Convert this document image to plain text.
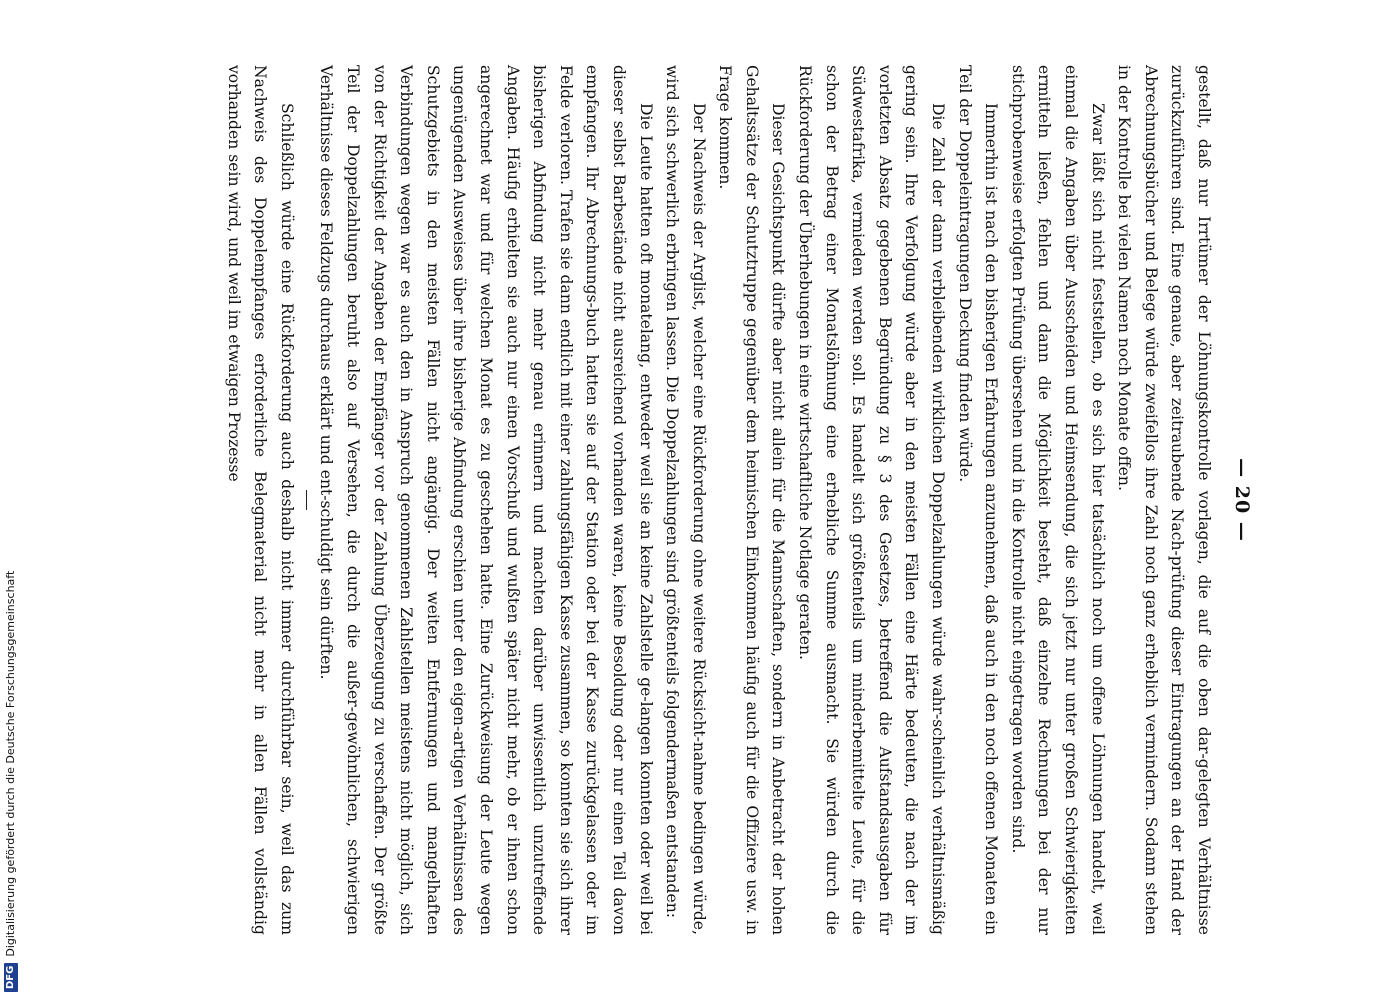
— 20 —

gestellt, daß nur Irrtümer der Löhnungskontrolle vorlagen, die auf die oben dar-gelegten Verhältnisse zurückzuführen sind. Eine genaue, aber zeitraubende Nach-prüfung dieser Eintragungen an der Hand der Abrechnungsbücher und Belege würde zweifellos ihre Zahl noch ganz erheblich vermindern. Sodann stehen in der Kontrolle bei vielen Namen noch Monate offen.

Zwar läßt sich nicht feststellen, ob es sich hier tatsächlich noch um offene Löhnungen handelt, weil einmal die Angaben über Ausscheiden und Heimsendung, die sich jetzt nur unter großen Schwierigkeiten ermitteln ließen, fehlen und dann die Möglichkeit besteht, daß einzelne Rechnungen bei der nur stichprobenweise erfolgten Prüfung übersehen und in die Kontrolle nicht eingetragen worden sind.

Immerhin ist nach den bisherigen Erfahrungen anzunehmen, daß auch in den noch offenen Monaten ein Teil der Doppeleintragungen Deckung finden würde.

Die Zahl der dann verbleibenden wirklichen Doppelzahlungen würde wahr-scheinlich verhältnismäßig gering sein. Ihre Verfolgung würde aber in den meisten Fällen eine Härte bedeuten, die nach der im vorletzten Absatz gegebenen Begründung zu § 3 des Gesetzes, betreffend die Aufstandsausgaben für Südwestafrika, vermieden werden soll. Es handelt sich größtenteils um minderbemittelte Leute, für die schon der Betrag einer Monatslöhnung eine erhebliche Summe ausmacht. Sie würden durch die Rückforderung der Überhebungen in eine wirtschaftliche Notlage geraten.

Dieser Gesichtspunkt dürfte aber nicht allein für die Mannschaften, sondern in Anbetracht der hohen Gehaltssätze der Schutztruppe gegenüber dem heimischen Einkommen häufig auch für die Offiziere usw. in Frage kommen.

Der Nachweis der Arglist, welcher eine Rückforderung ohne weitere Rücksicht-nahme bedingen würde, wird sich schwerlich erbringen lassen. Die Doppelzahlungen sind größtenteils folgendermaßen entstanden:

Die Leute hatten oft monatelang, entweder weil sie an keine Zahlstelle ge-langen konnten oder weil bei dieser selbst Barbestände nicht ausreichend vorhanden waren, keine Besoldung oder nur einen Teil davon empfangen. Ihr Abrechnungs-buch hatten sie auf der Station oder bei der Kasse zurückgelassen oder im Felde verloren. Trafen sie dann endlich mit einer zahlungsfähigen Kasse zusammen, so konnten sie sich ihrer bisherigen Abfindung nicht mehr genau erinnern und machten darüber unwissentlich unzutreffende Angaben. Häufig erhielten sie auch nur einen Vorschuß und wußten später nicht mehr, ob er ihnen schon angerechnet war und für welchen Monat es zu geschehen hatte. Eine Zurückweisung der Leute wegen ungenügenden Ausweises über ihre bisherige Abfindung erschien unter den eigen-artigen Verhältnissen des Schutzgebiets in den meisten Fällen nicht angängig. Der weiten Entfernungen und mangelhaften Verbindungen wegen war es auch den in Anspruch genommenen Zahlstellen meistens nicht möglich, sich von der Richtigkeit der Angaben der Empfänger vor der Zahlung Überzeugung zu verschaffen. Der größte Teil der Doppelzahlungen beruht also auf Versehen, die durch die außer-gewöhnlichen, schwierigen Verhältnisse dieses Feldzugs durchaus erklärt und ent-schuldigt sein dürften.

Schließlich würde eine Rückforderung auch deshalb nicht immer durchführbar sein, weil das zum Nachweis des Doppelempfanges erforderliche Belegmaterial nicht mehr in allen Fällen vollständig vorhanden sein wird, und weil im etwaigen Prozesse

DFGDigitalisierung gefördert durch die Deutsche Forschungsgemeinschaft
